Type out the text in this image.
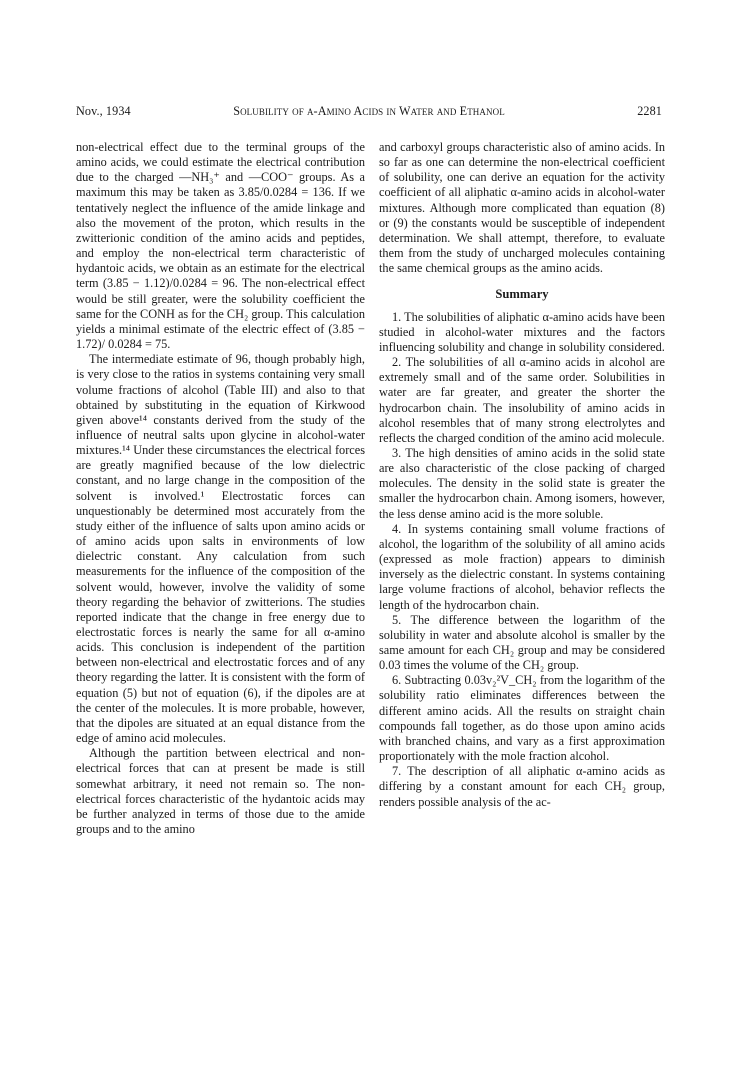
Nov., 1934	Solubility of α-Amino Acids in Water and Ethanol	2281

non-electrical effect due to the terminal groups of the amino acids, we could estimate the electrical contribution due to the charged —NH₃⁺ and —COO⁻ groups. As a maximum this may be taken as 3.85/0.0284 = 136. If we tentatively neglect the influence of the amide linkage and also the movement of the proton, which results in the zwitterionic condition of the amino acids and peptides, and employ the non-electrical term characteristic of hydantoic acids, we obtain as an estimate for the electrical term (3.85 − 1.12)/0.0284 = 96. The non-electrical effect would be still greater, were the solubility coefficient the same for the CONH as for the CH₂ group. This calculation yields a minimal estimate of the electric effect of (3.85 − 1.72)/ 0.0284 = 75.

The intermediate estimate of 96, though probably high, is very close to the ratios in systems containing very small volume fractions of alcohol (Table III) and also to that obtained by substituting in the equation of Kirkwood given above¹⁴ constants derived from the study of the influence of neutral salts upon glycine in alcohol-water mixtures.¹⁴ Under these circumstances the electrical forces are greatly magnified because of the low dielectric constant, and no large change in the composition of the solvent is involved.¹ Electrostatic forces can unquestionably be determined most accurately from the study either of the influence of salts upon amino acids or of amino acids upon salts in environments of low dielectric constant. Any calculation from such measurements for the influence of the composition of the solvent would, however, involve the validity of some theory regarding the behavior of zwitterions. The studies reported indicate that the change in free energy due to electrostatic forces is nearly the same for all α-amino acids. This conclusion is independent of the partition between non-electrical and electrostatic forces and of any theory regarding the latter. It is consistent with the form of equation (5) but not of equation (6), if the dipoles are at the center of the molecules. It is more probable, however, that the dipoles are situated at an equal distance from the edge of amino acid molecules.

Although the partition between electrical and non-electrical forces that can at present be made is still somewhat arbitrary, it need not remain so. The non-electrical forces characteristic of the hydantoic acids may be further analyzed in terms of those due to the amide groups and to the amino

and carboxyl groups characteristic also of amino acids. In so far as one can determine the non-electrical coefficient of solubility, one can derive an equation for the activity coefficient of all aliphatic α-amino acids in alcohol-water mixtures. Although more complicated than equation (8) or (9) the constants would be susceptible of independent determination. We shall attempt, therefore, to evaluate them from the study of uncharged molecules containing the same chemical groups as the amino acids.

Summary

1. The solubilities of aliphatic α-amino acids have been studied in alcohol-water mixtures and the factors influencing solubility and change in solubility considered.

2. The solubilities of all α-amino acids in alcohol are extremely small and of the same order. Solubilities in water are far greater, and greater the shorter the hydrocarbon chain. The insolubility of amino acids in alcohol resembles that of many strong electrolytes and reflects the charged condition of the amino acid molecule.

3. The high densities of amino acids in the solid state are also characteristic of the close packing of charged molecules. The density in the solid state is greater the smaller the hydrocarbon chain. Among isomers, however, the less dense amino acid is the more soluble.

4. In systems containing small volume fractions of alcohol, the logarithm of the solubility of all amino acids (expressed as mole fraction) appears to diminish inversely as the dielectric constant. In systems containing large volume fractions of alcohol, behavior reflects the length of the hydrocarbon chain.

5. The difference between the logarithm of the solubility in water and absolute alcohol is smaller by the same amount for each CH₂ group and may be considered 0.03 times the volume of the CH₂ group.

6. Subtracting 0.03v₂²V_CH₂ from the logarithm of the solubility ratio eliminates differences between the different amino acids. All the results on straight chain compounds fall together, as do those upon amino acids with branched chains, and vary as a first approximation proportionately with the mole fraction alcohol.

7. The description of all aliphatic α-amino acids as differing by a constant amount for each CH₂ group, renders possible analysis of the ac-
